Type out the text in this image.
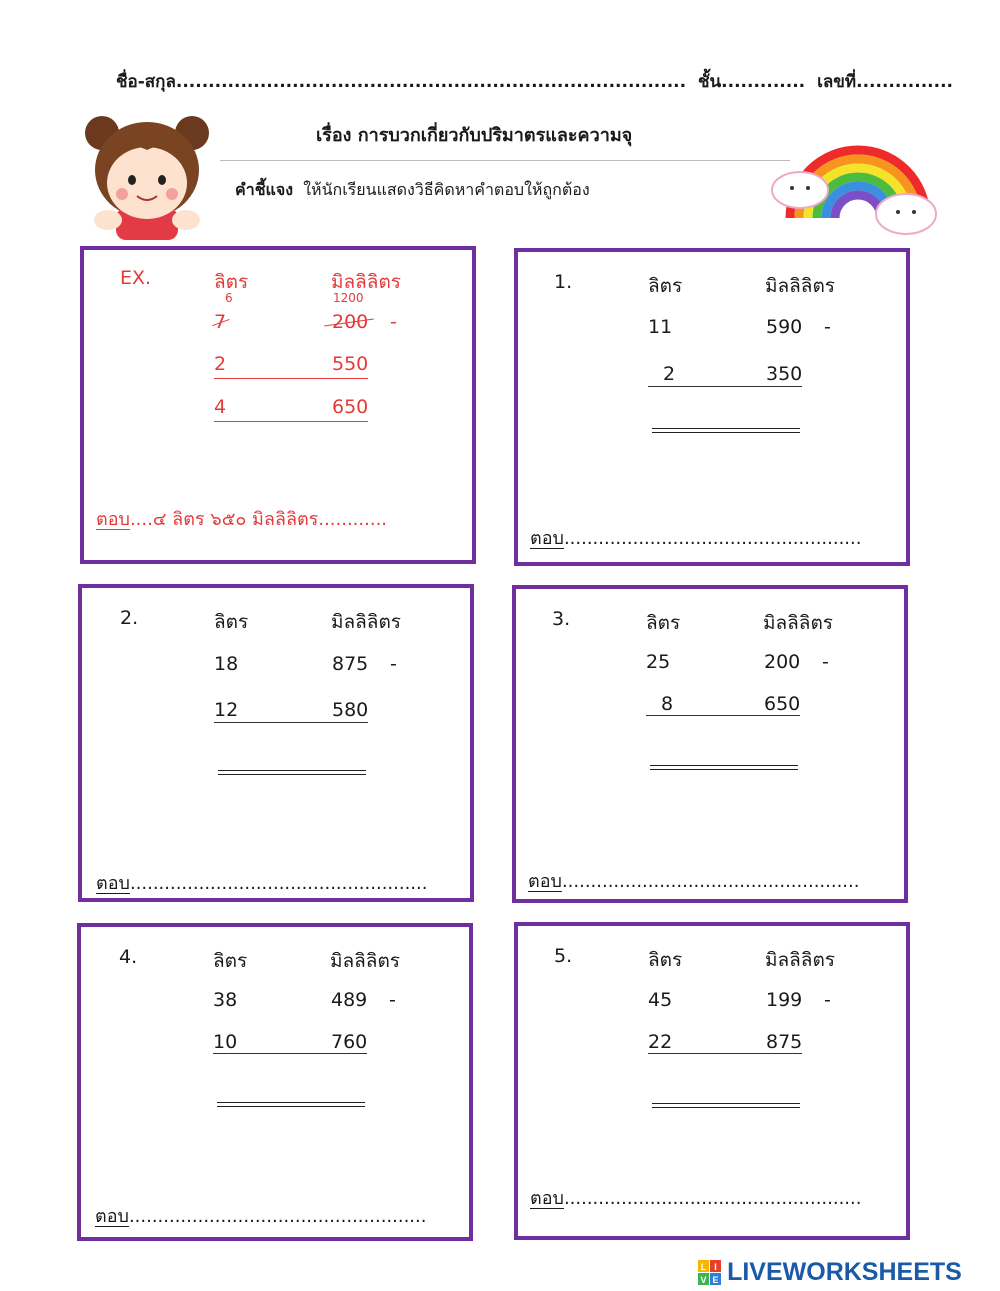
ชื่อ-สกุล............................................................................... ชั้น............. เลขที่...............
เรื่อง การบวกเกี่ยวกับปริมาตรและความจุ
คำชี้แจง ให้นักเรียนแสดงวิธีคิดหาคำตอบให้ถูกต้อง
EX.	ลิตร	มิลลิลิตร
6	1200
7	200 -
2	550
4	650
ตอบ....๔ ลิตร ๖๕๐ มิลลิลิตร............
1.	ลิตร	มิลลิลิตร
11	590 -
2	350
ตอบ....................................................
2.	ลิตร	มิลลิลิตร
18	875 -
12	580
ตอบ....................................................
3.	ลิตร	มิลลิลิตร
25	200 -
8	650
ตอบ....................................................
4.	ลิตร	มิลลิลิตร
38	489 -
10	760
ตอบ....................................................
5.	ลิตร	มิลลิลิตร
45	199 -
22	875
ตอบ....................................................
L I
V E LIVEWORKSHEETS
